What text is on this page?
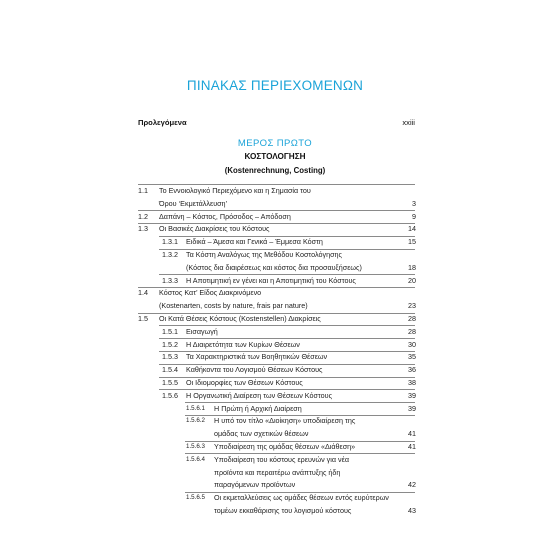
ΠΙΝΑΚΑΣ ΠΕΡΙΕΧΟΜΕΝΩΝ
Προλεγόμενα	xxiii
ΜΕΡΟΣ ΠΡΩΤΟ
ΚΟΣΤΟΛΟΓΗΣΗ
(Kostenrechnung, Costing)
1.1 Το Εννοιολογικό Περιεχόμενο και η Σημασία του
Όρου ‘Εκμετάλλευση’	3
1.2 Δαπάνη – Κόστος, Πρόσοδος – Απόδοση	9
1.3 Οι Βασικές Διακρίσεις του Κόστους	14
1.3.1 Ειδικά – Άμεσα και Γενικά – Έμμεσα Κόστη	15
1.3.2 Τα Κόστη Αναλόγως της Μεθόδου Κοστολόγησης
(Κόστος δια διαιρέσεως και κόστος δια προσαυξήσεως)	18
1.3.3 Η Αποτιμητική εν γένει και η Αποτιμητική του Κόστους	20
1.4 Κόστος Κατ’ Είδος Διακρινόμενο
(Kostenarten, costs by nature, frais par nature)	23
1.5 Οι Κατά Θέσεις Κόστους (Kostenstellen) Διακρίσεις	28
1.5.1 Εισαγωγή	28
1.5.2 Η Διαιρετότητα των Κυρίων Θέσεων	30
1.5.3 Τα Χαρακτηριστικά των Βοηθητικών Θέσεων	35
1.5.4 Καθήκοντα του Λογισμού Θέσεων Κόστους	36
1.5.5 Οι Ιδιομορφίες των Θέσεων Κόστους	38
1.5.6 Η Οργανωτική Διαίρεση των Θέσεων Κόστους	39
1.5.6.1 Η Πρώτη ή Αρχική Διαίρεση	39
1.5.6.2 Η υπό τον τίτλο «Διοίκηση» υποδιαίρεση της
ομάδας των σχετικών θέσεων	41
1.5.6.3 Υποδιαίρεση της ομάδας θέσεων «Διάθεση»	41
1.5.6.4 Υποδιαίρεση του κόστους ερευνών για νέα
προϊόντα και περαιτέρω ανάπτυξης ήδη
παραγόμενων προϊόντων	42
1.5.6.5 Οι εκμεταλλεύσεις ως ομάδες θέσεων εντός ευρύτερων
τομέων εκκαθάρισης του λογισμού κόστους	43
